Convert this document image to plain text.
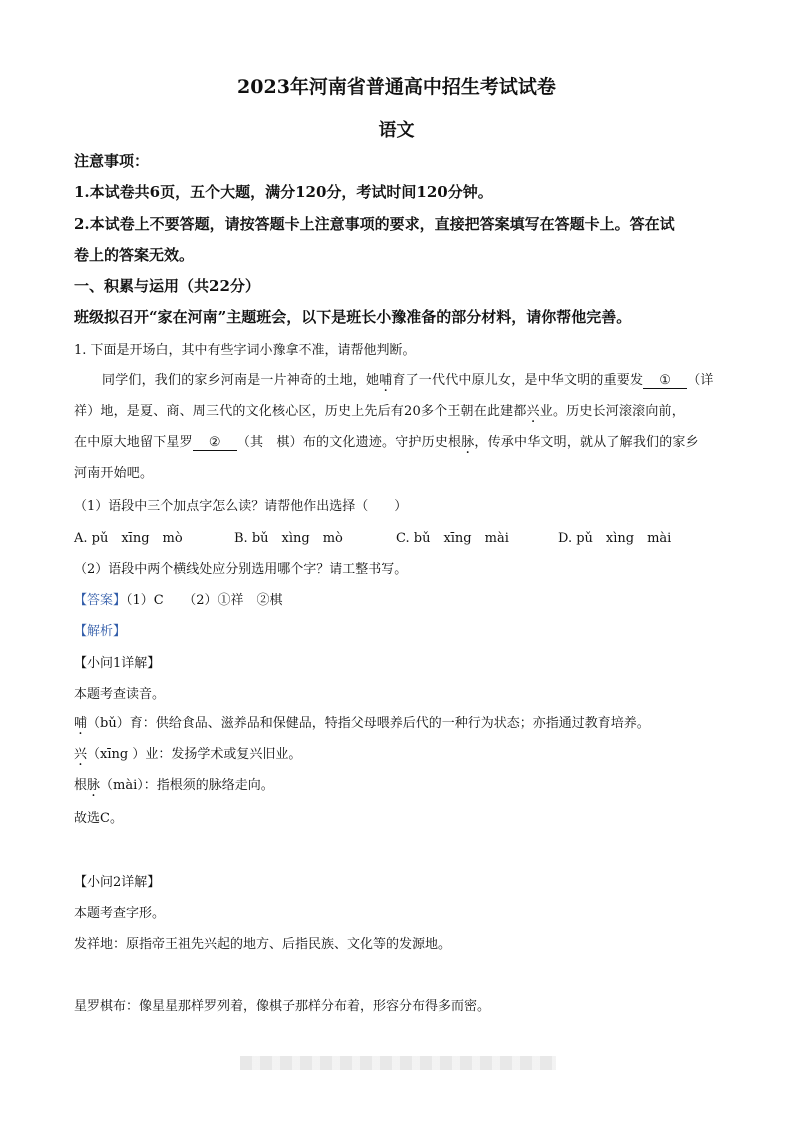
2023年河南省普通高中招生考试试卷
语文
注意事项：
1.本试卷共6页，五个大题，满分120分，考试时间120分钟。
2.本试卷上不要答题，请按答题卡上注意事项的要求，直接把答案填写在答题卡上。答在试
卷上的答案无效。
一、积累与运用（共22分）
班级拟召开“家在河南”主题班会，以下是班长小豫准备的部分材料，请你帮他完善。
1. 下面是开场白，其中有些字词小豫拿不准，请帮他判断。
同学们，我们的家乡河南是一片神奇的土地，她哺育了一代代中原儿女，是中华文明的重要发 ① （详
祥）地，是夏、商、周三代的文化核心区，历史上先后有20多个王朝在此建都兴业。历史长河滚滚向前，
在中原大地留下星罗 ② （其　棋）布的文化遗迹。守护历史根脉，传承中华文明，就从了解我们的家乡
河南开始吧。
（1）语段中三个加点字怎么读？请帮他作出选择（　　）
A. pǔ　xīng　mò	B. bǔ　xìng　mò	C. bǔ　xīng　mài	D. pǔ　xìng　mài
（2）语段中两个横线处应分别选用哪个字？请工整书写。
【答案】（1）C　　（2）①祥　②棋
【解析】
【小问1详解】
本题考查读音。
哺（bǔ）育：供给食品、滋养品和保健品，特指父母喂养后代的一种行为状态；亦指通过教育培养。
兴（xīng ）业：发扬学术或复兴旧业。
根脉（mài）：指根须的脉络走向。
故选C。
【小问2详解】
本题考查字形。
发祥地：原指帝王祖先兴起的地方、后指民族、文化等的发源地。
星罗棋布：像星星那样罗列着，像棋子那样分布着，形容分布得多而密。
